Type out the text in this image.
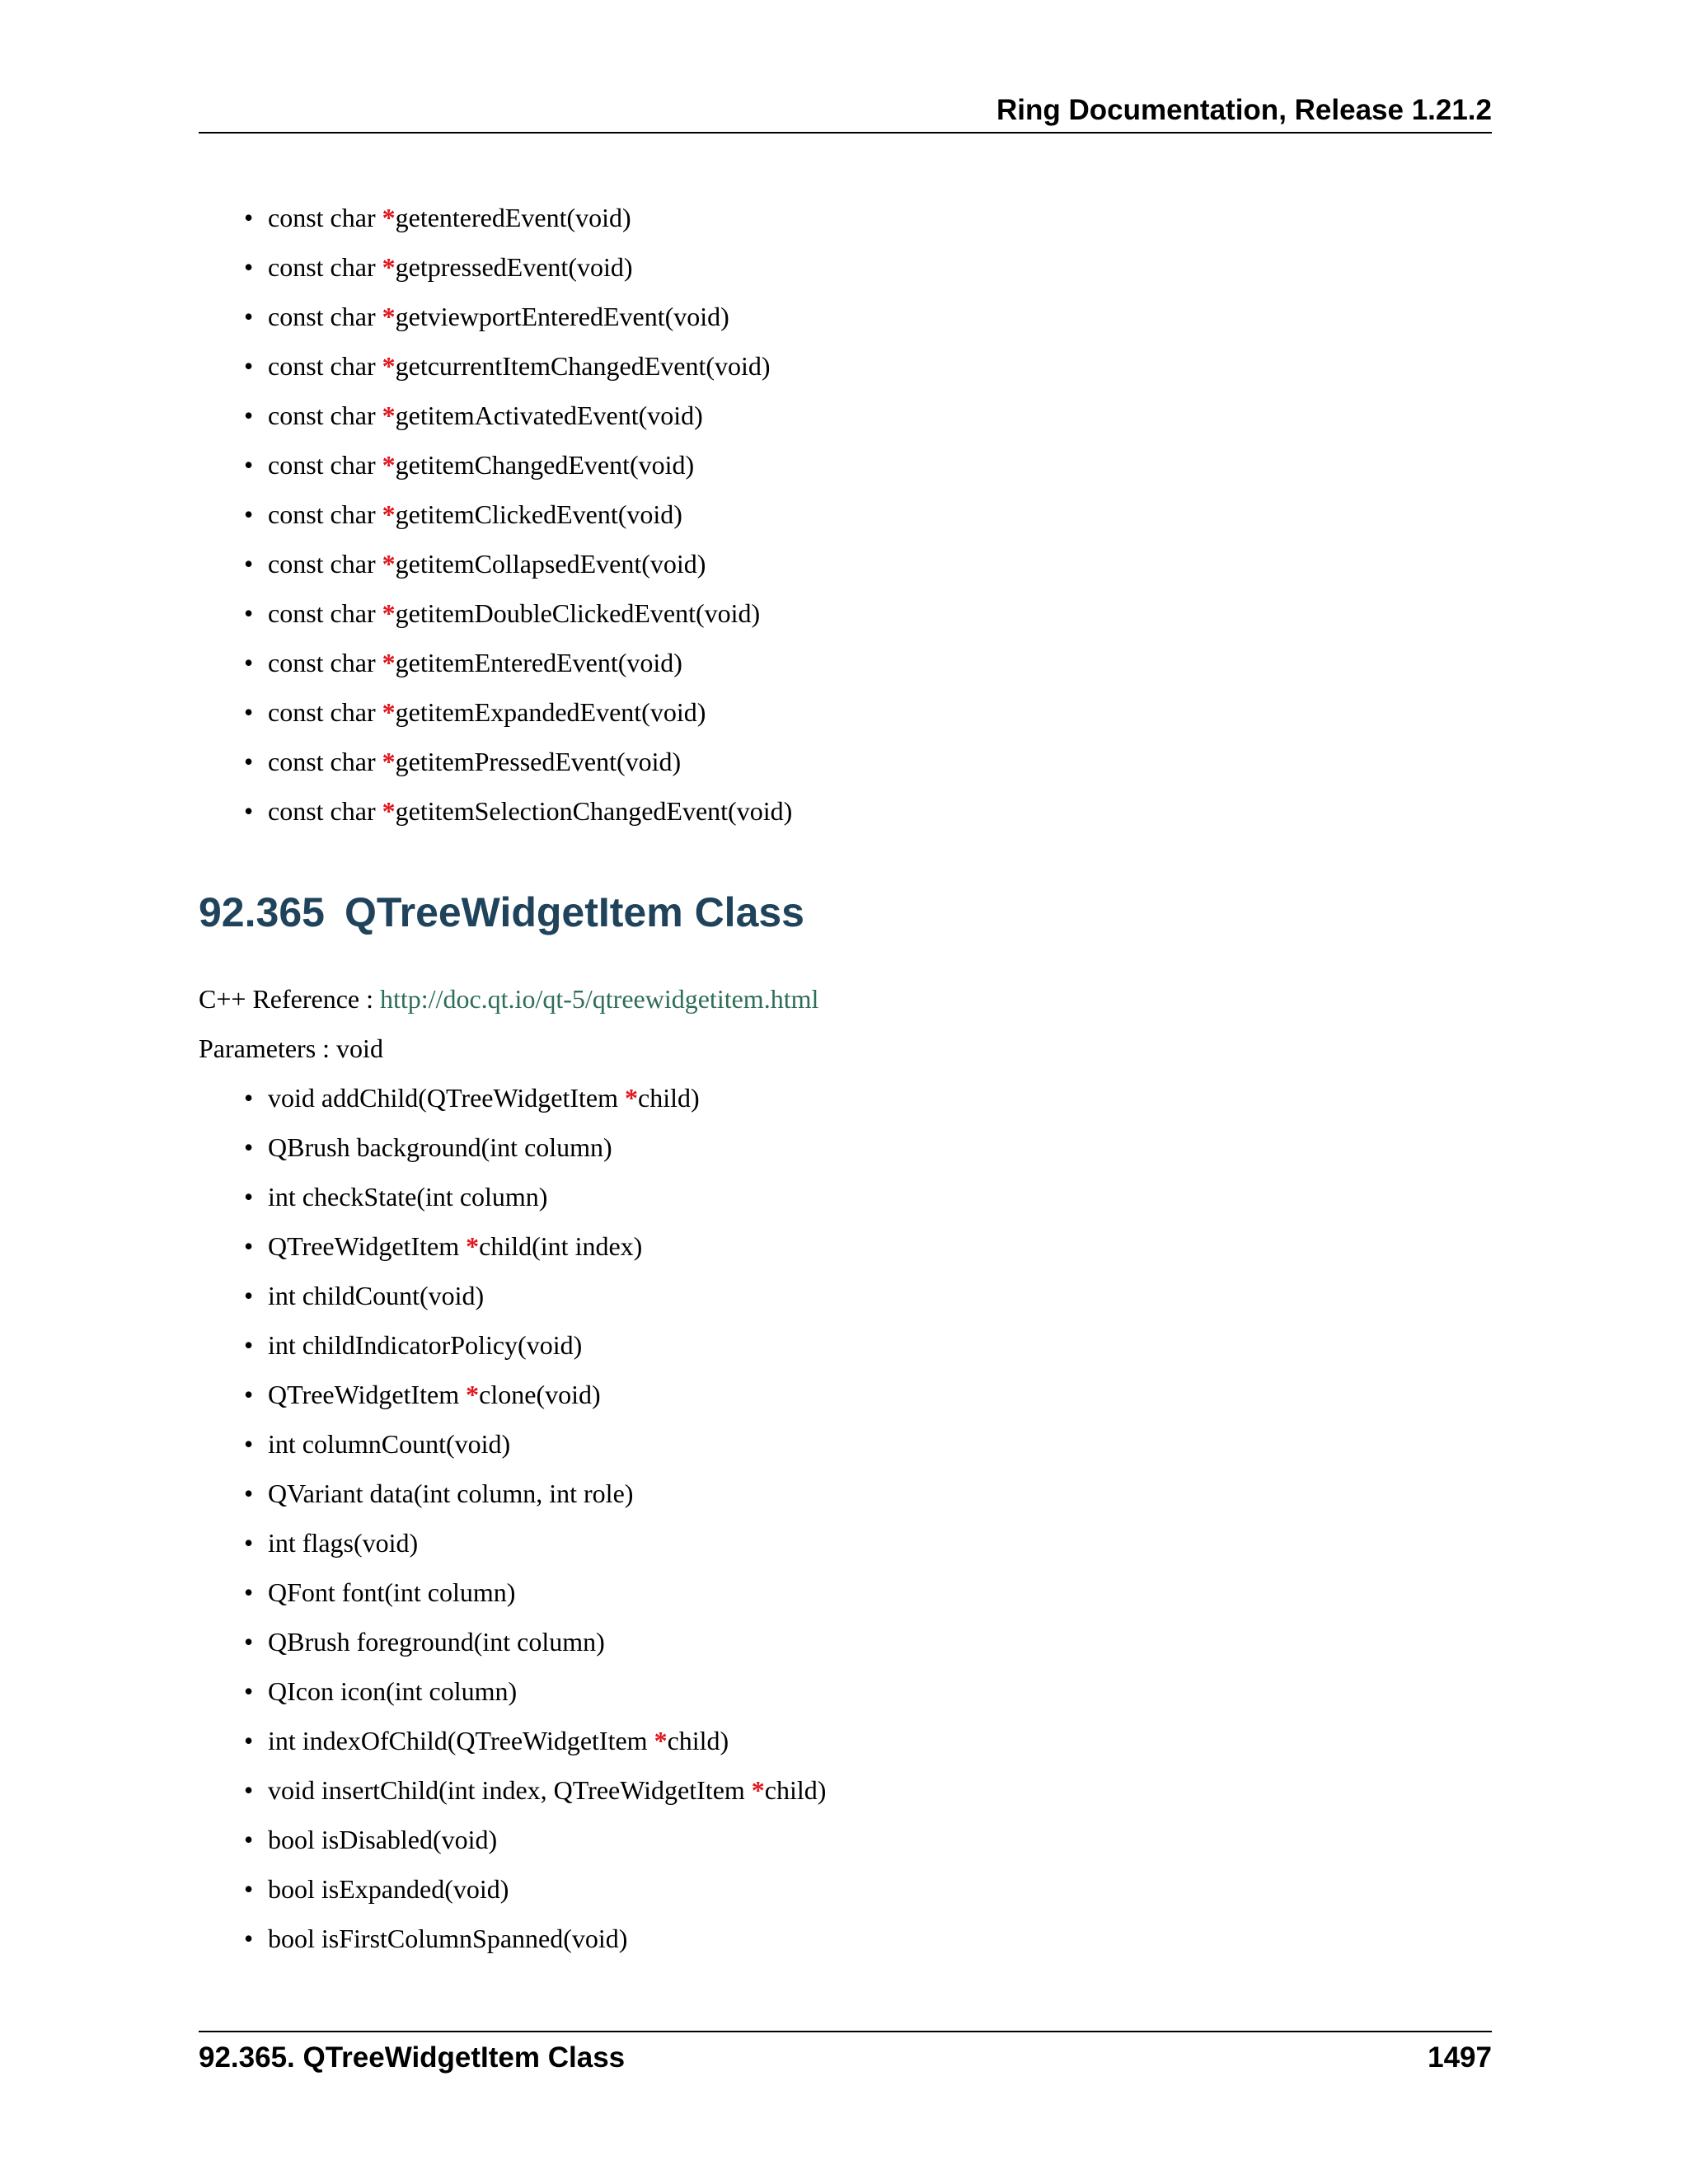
Ring Documentation, Release 1.21.2
• const char *getenteredEvent(void)
• const char *getpressedEvent(void)
• const char *getviewportEnteredEvent(void)
• const char *getcurrentItemChangedEvent(void)
• const char *getitemActivatedEvent(void)
• const char *getitemChangedEvent(void)
• const char *getitemClickedEvent(void)
• const char *getitemCollapsedEvent(void)
• const char *getitemDoubleClickedEvent(void)
• const char *getitemEnteredEvent(void)
• const char *getitemExpandedEvent(void)
• const char *getitemPressedEvent(void)
• const char *getitemSelectionChangedEvent(void)
92.365 QTreeWidgetItem Class
C++ Reference : http://doc.qt.io/qt-5/qtreewidgetitem.html
Parameters : void
• void addChild(QTreeWidgetItem *child)
• QBrush background(int column)
• int checkState(int column)
• QTreeWidgetItem *child(int index)
• int childCount(void)
• int childIndicatorPolicy(void)
• QTreeWidgetItem *clone(void)
• int columnCount(void)
• QVariant data(int column, int role)
• int flags(void)
• QFont font(int column)
• QBrush foreground(int column)
• QIcon icon(int column)
• int indexOfChild(QTreeWidgetItem *child)
• void insertChild(int index, QTreeWidgetItem *child)
• bool isDisabled(void)
• bool isExpanded(void)
• bool isFirstColumnSpanned(void)
92.365. QTreeWidgetItem Class	1497
